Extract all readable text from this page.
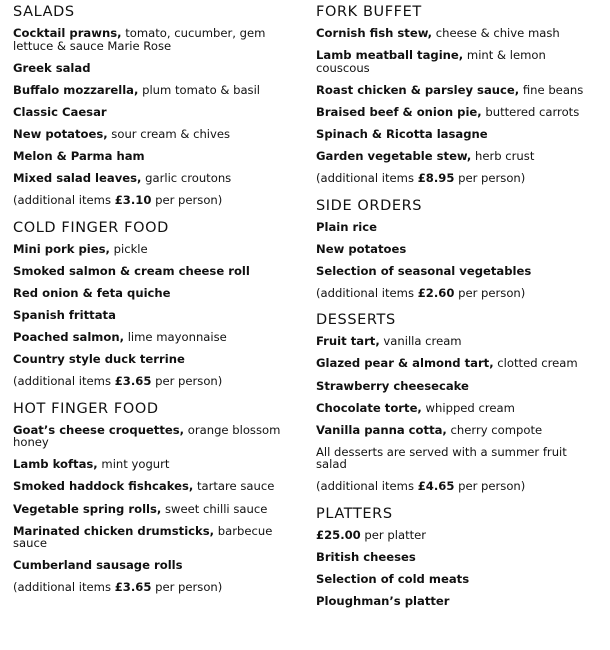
SALADS
Cocktail prawns, tomato, cucumber, gem lettuce & sauce Marie Rose
Greek salad
Buffalo mozzarella, plum tomato & basil
Classic Caesar
New potatoes, sour cream & chives
Melon & Parma ham
Mixed salad leaves, garlic croutons
(additional items £3.10 per person)
COLD FINGER FOOD
Mini pork pies, pickle
Smoked salmon & cream cheese roll
Red onion & feta quiche
Spanish frittata
Poached salmon, lime mayonnaise
Country style duck terrine
(additional items £3.65 per person)
HOT FINGER FOOD
Goat’s cheese croquettes, orange blossom honey
Lamb koftas, mint yogurt
Smoked haddock fishcakes, tartare sauce
Vegetable spring rolls, sweet chilli sauce
Marinated chicken drumsticks, barbecue sauce
Cumberland sausage rolls
(additional items £3.65 per person)
FORK BUFFET
Cornish fish stew, cheese & chive mash
Lamb meatball tagine, mint & lemon couscous
Roast chicken & parsley sauce, fine beans
Braised beef & onion pie, buttered carrots
Spinach & Ricotta lasagne
Garden vegetable stew, herb crust
(additional items £8.95 per person)
SIDE ORDERS
Plain rice
New potatoes
Selection of seasonal vegetables
(additional items £2.60 per person)
DESSERTS
Fruit tart, vanilla cream
Glazed pear & almond tart, clotted cream
Strawberry cheesecake
Chocolate torte, whipped cream
Vanilla panna cotta, cherry compote
All desserts are served with a summer fruit salad
(additional items £4.65 per person)
PLATTERS
£25.00 per platter
British cheeses
Selection of cold meats
Ploughman’s platter
